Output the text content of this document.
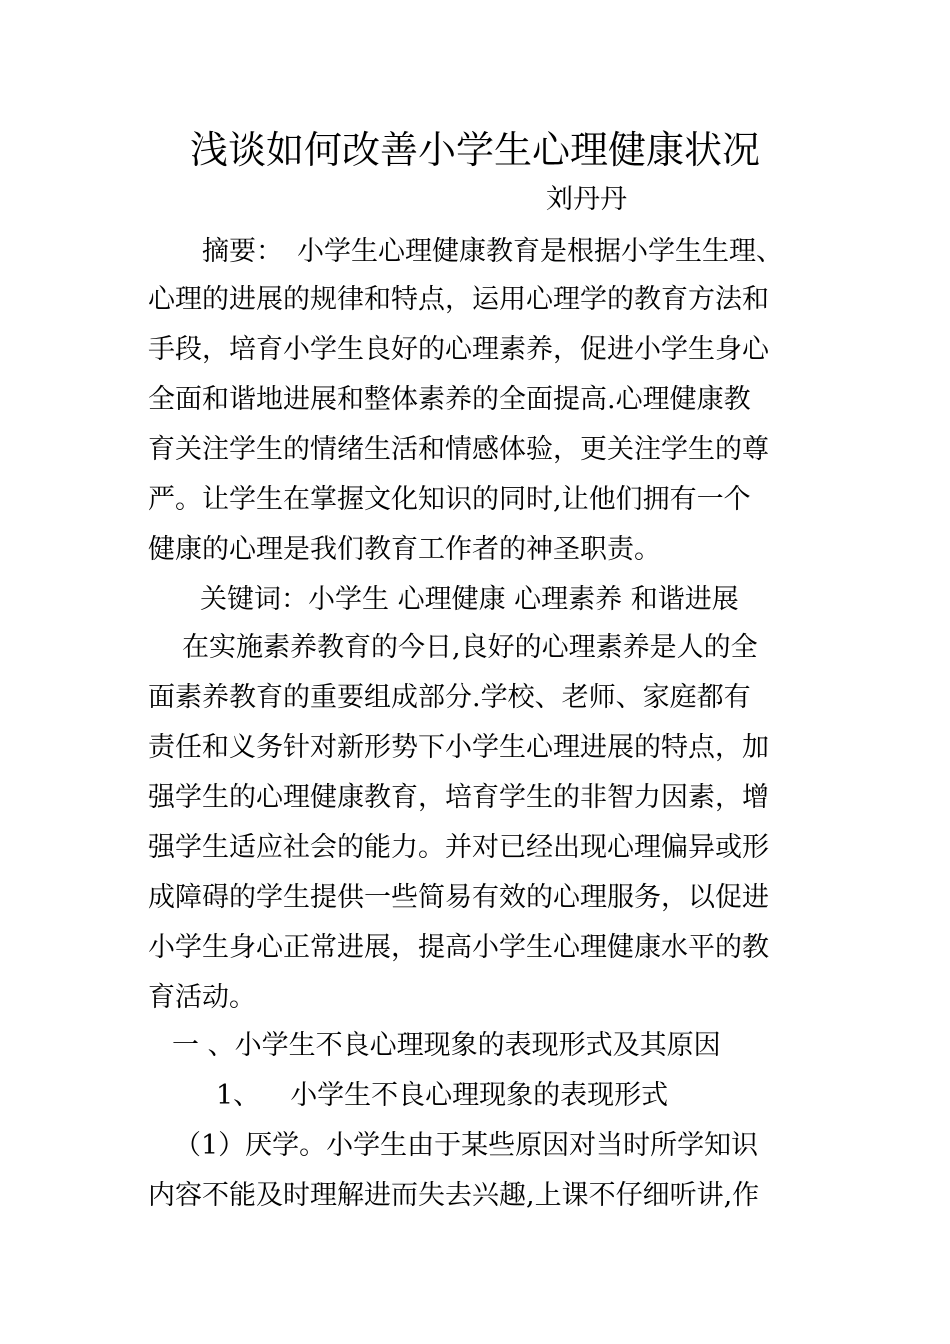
浅谈如何改善小学生心理健康状况
刘丹丹
摘要： 小学生心理健康教育是根据小学生生理、
心理的进展的规律和特点，运用心理学的教育方法和
手段，培育小学生良好的心理素养，促进小学生身心
全面和谐地进展和整体素养的全面提高.心理健康教
育关注学生的情绪生活和情感体验，更关注学生的尊
严。让学生在掌握文化知识的同时,让他们拥有一个
健康的心理是我们教育工作者的神圣职责。
关键词：小学生 心理健康 心理素养 和谐进展
在实施素养教育的今日,良好的心理素养是人的全
面素养教育的重要组成部分.学校、老师、家庭都有
责任和义务针对新形势下小学生心理进展的特点，加
强学生的心理健康教育，培育学生的非智力因素，增
强学生适应社会的能力。并对已经出现心理偏异或形
成障碍的学生提供一些简易有效的心理服务，以促进
小学生身心正常进展，提高小学生心理健康水平的教
育活动。
一 、小学生不良心理现象的表现形式及其原因
1、 小学生不良心理现象的表现形式
（1）厌学。小学生由于某些原因对当时所学知识
内容不能及时理解进而失去兴趣,上课不仔细听讲,作
